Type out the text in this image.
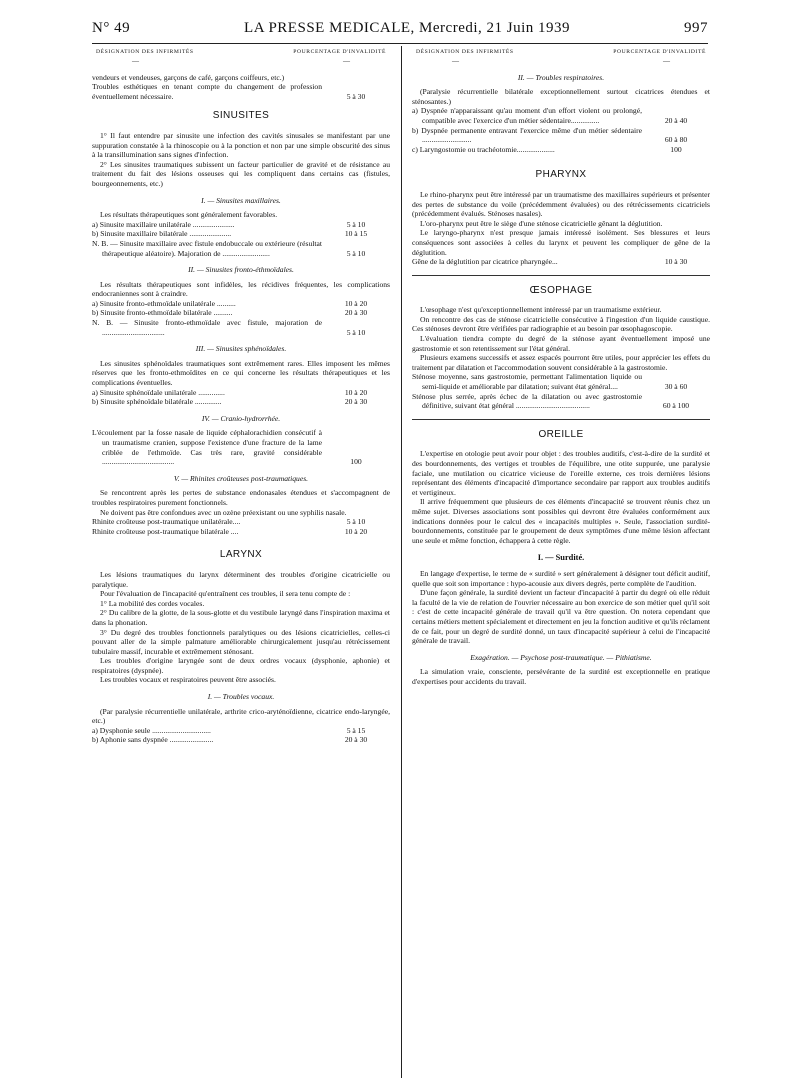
N° 49	LA PRESSE MEDICALE, Mercredi, 21 Juin 1939	997
DÉSIGNATION DES INFIRMITÉS	POURCENTAGE D'INVALIDITÉ
—	—

vendeurs et vendeuses, garçons de café, garçons coiffeurs, etc.)

Troubles esthétiques en tenant compte du changement de profession éventuellement nécessaire.	5 à 30
SINUSITES

1° Il faut entendre par sinusite une infection des cavités sinusales se manifestant par une suppuration constatée à la rhinoscopie ou à la ponction et non par une simple obscurité des sinus à la transillumination sans signes d'infection.

2° Les sinusites traumatiques subissent un facteur particulier de gravité et de résistance au traitement du fait des lésions osseuses qui les compliquent dans certains cas (fistules, bourgeonnements, etc.)

I. — Sinusites maxillaires.

Les résultats thérapeutiques sont généralement favorables.

a) Sinusite maxillaire unilatérale ......................	5 à 10
b) Sinusite maxillaire bilatérale ......................	10 à 15
N. B. — Sinusite maxillaire avec fistule endobuccale ou extérieure (résultat thérapeutique aléatoire). Majoration de .........................	5 à 10
II. — Sinusites fronto-éthmoïdales.

Les résultats thérapeutiques sont infidèles, les récidives fréquentes, les complications endocraniennes sont à craindre.

a) Sinusite fronto-ethmoïdale unilatérale ..........	10 à 20
b) Sinusite fronto-ethmoïdale bilatérale ..........	20 à 30
N. B. — Sinusite fronto-ethmoïdale avec fistule, majoration de .................................	5 à 10
III. — Sinusites sphénoïdales.

Les sinusites sphénoïdales traumatiques sont extrêmement rares. Elles imposent les mêmes réserves que les fronto-ethmoïdites en ce qui concerne les résultats thérapeutiques et les complications éventuelles.

a) Sinusite sphénoïdale unilatérale ..............	10 à 20
b) Sinusite sphénoïdale bilatérale ..............	20 à 30
IV. — Cranio-hydrorrhée.
L'écoulement par la fosse nasale de liquide céphalorachidien consécutif à un traumatisme cranien, suppose l'existence d'une fracture de la lame criblée de l'ethmoïde. Cas très rare, gravité considérable ......................................	100
V. — Rhinites croûteuses post-traumatiques.

Se rencontrent après les pertes de substance endonasales étendues et s'accompagnent de troubles respiratoires purement fonctionnels.

Ne doivent pas être confondues avec un ozène préexistant ou une syphilis nasale.

Rhinite croûteuse post-traumatique unilatérale....	5 à 10
Rhinite croûteuse post-traumatique bilatérale ....	10 à 20
LARYNX

Les lésions traumatiques du larynx déterminent des troubles d'origine cicatricielle ou paralytique.

Pour l'évaluation de l'incapacité qu'entraînent ces troubles, il sera tenu compte de :

1° La mobilité des cordes vocales.

2° Du calibre de la glotte, de la sous-glotte et du vestibule laryngé dans l'inspiration maxima et dans la phonation.

3° Du degré des troubles fonctionnels paralytiques ou des lésions cicatricielles, celles-ci pouvant aller de la simple palmature améliorable chirurgicalement jusqu'au rétrécissement tubulaire massif, incurable et extrêmement sténosant.

Les troubles d'origine laryngée sont de deux ordres vocaux (dysphonie, aphonie) et respiratoires (dyspnée).

Les troubles vocaux et respiratoires peuvent être associés.

I. — Troubles vocaux.

(Par paralysie récurrentielle unilatérale, arthrite crico-aryténoïdienne, cicatrice endo-laryngée, etc.)

a) Dysphonie seule ...............................	5 à 15
b) Aphonie sans dyspnée .......................	20 à 30
DÉSIGNATION DES INFIRMITÉS	POURCENTAGE D'INVALIDITÉ
—	—
II. — Troubles respiratoires.

(Paralysie récurrentielle bilatérale exceptionnellement surtout cicatrices étendues et sténosantes.)

a) Dyspnée n'apparaissant qu'au moment d'un effort violent ou prolongé, compatible avec l'exercice d'un métier sédentaire...............	20 à 40
b) Dyspnée permanente entravant l'exercice même d'un métier sédentaire ..........................	60 à 80
c) Laryngostomie ou trachéotomie....................	100
PHARYNX

Le rhino-pharynx peut être intéressé par un traumatisme des maxillaires supérieurs et présenter des pertes de substance du voile (précédemment évaluées) ou des rétrécissements cicatriciels (précédemment évalués. Sténoses nasales).

L'oro-pharynx peut être le siège d'une sténose cicatricielle gênant la déglutition.

Le laryngo-pharynx n'est presque jamais intéressé isolément. Ses blessures et leurs conséquences sont associées à celles du larynx et peuvent les compliquer de gêne de la déglutition.

Gêne de la déglutition par cicatrice pharyngée...	10 à 30
ŒSOPHAGE

L'œsophage n'est qu'exceptionnellement intéressé par un traumatisme extérieur.

On rencontre des cas de sténose cicatricielle consécutive à l'ingestion d'un liquide caustique. Ces sténoses devront être vérifiées par radiographie et au besoin par œsophagoscopie.

L'évaluation tiendra compte du degré de la sténose ayant éventuellement imposé une gastrostomie et son retentissement sur l'état général.

Plusieurs examens successifs et assez espacés pourront être utiles, pour apprécier les effets du traitement par dilatation et l'accommodation souvent considérable à la gastrostomie.

Sténose moyenne, sans gastrostomie, permettant l'alimentation liquide ou semi-liquide et améliorable par dilatation; suivant état général....	30 à 60
Sténose plus serrée, après échec de la dilatation ou avec gastrostomie définitive, suivant état général .......................................	60 à 100
OREILLE

L'expertise en otologie peut avoir pour objet : des troubles auditifs, c'est-à-dire de la surdité et des bourdonnements, des vertiges et troubles de l'équilibre, une otite suppurée, une paralysie faciale, une mutilation ou cicatrice vicieuse de l'oreille externe, ces trois dernières lésions représentant des éléments d'incapacité d'importance secondaire par rapport aux troubles auditifs et vertigineux.

Il arrive fréquemment que plusieurs de ces éléments d'incapacité se trouvent réunis chez un même sujet. Diverses associations sont possibles qui devront être évaluées conformément aux indications données pour le calcul des « incapacités multiples ». Seule, l'association surdité-bourdonnements, constituée par le groupement de deux symptômes d'une même lésion affectant une seule et même fonction, échappera à cette règle.

I. — Surdité.

En langage d'expertise, le terme de « surdité » sert généralement à désigner tout déficit auditif, quelle que soit son importance : hypo-acousie aux divers degrés, perte complète de l'audition.

D'une façon générale, la surdité devient un facteur d'incapacité à partir du degré où elle réduit la faculté de la vie de relation de l'ouvrier nécessaire au bon exercice de son métier quel qu'il soit : c'est de cette incapacité générale de travail qu'il va être question. On notera cependant que certains métiers mettent spécialement et directement en jeu la fonction auditive et qu'ils réclament de ce fait, pour un degré de surdité donné, un taux d'incapacité supérieur à celui de l'incapacité générale de travail.

Exagération. — Psychose post-traumatique. — Pithiatisme.

La simulation vraie, consciente, persévérante de la surdité est exceptionnelle en pratique d'expertises pour accidents du travail.
